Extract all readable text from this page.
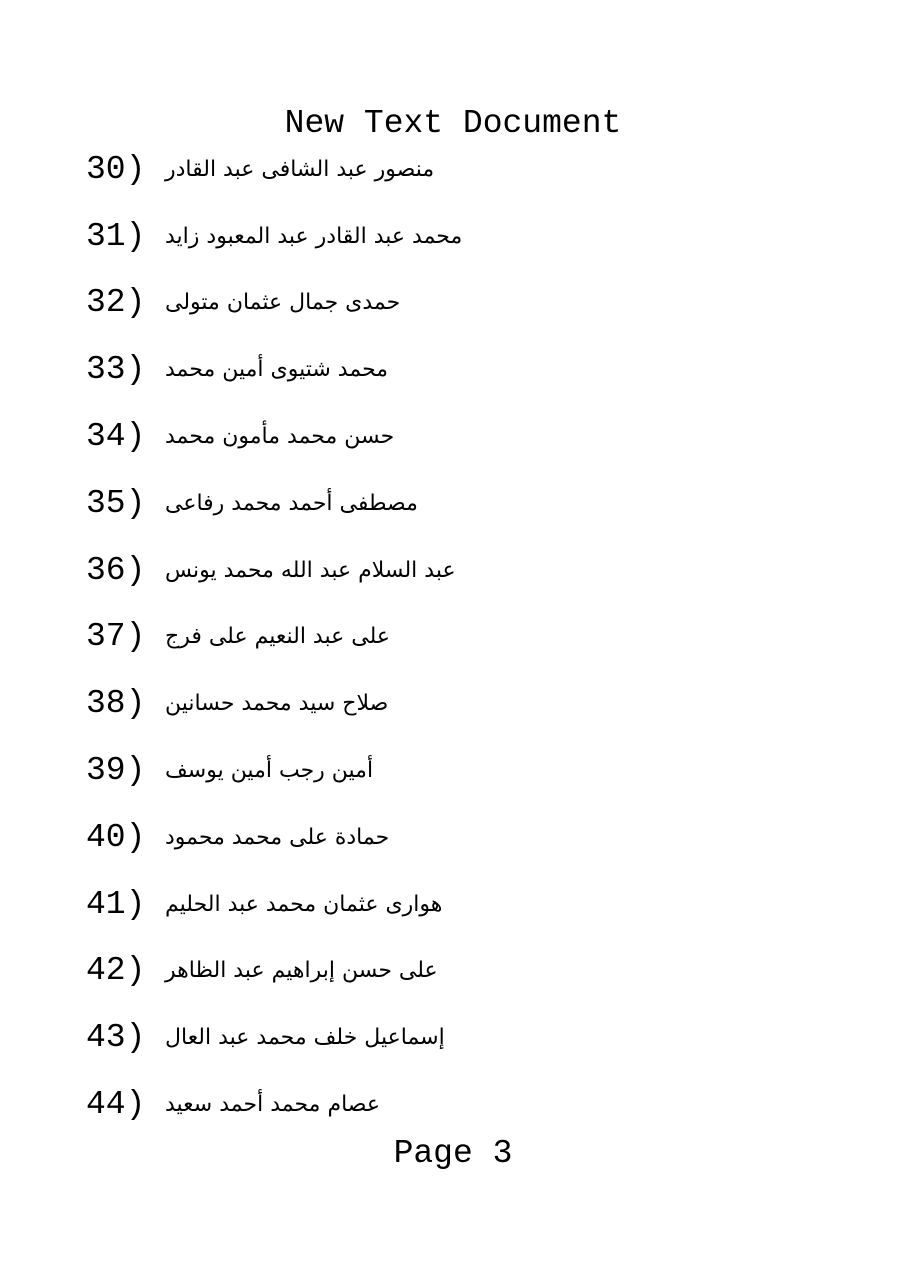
New Text Document
30) منصور عبد الشافى عبد القادر
31) محمد عبد القادر عبد المعبود زايد
32) حمدى جمال عثمان متولى
33) محمد شتيوى أمين محمد
34) حسن محمد مأمون محمد
35) مصطفى أحمد محمد رفاعى
36) عبد السلام عبد الله محمد يونس
37) على عبد النعيم على فرج
38) صلاح سيد محمد حسانين
39) أمين رجب أمين يوسف
40) حمادة على محمد محمود
41) هوارى عثمان محمد عبد الحليم
42) على حسن إبراهيم عبد الظاهر
43) إسماعيل خلف محمد عبد العال
44) عصام محمد أحمد سعيد
Page 3
